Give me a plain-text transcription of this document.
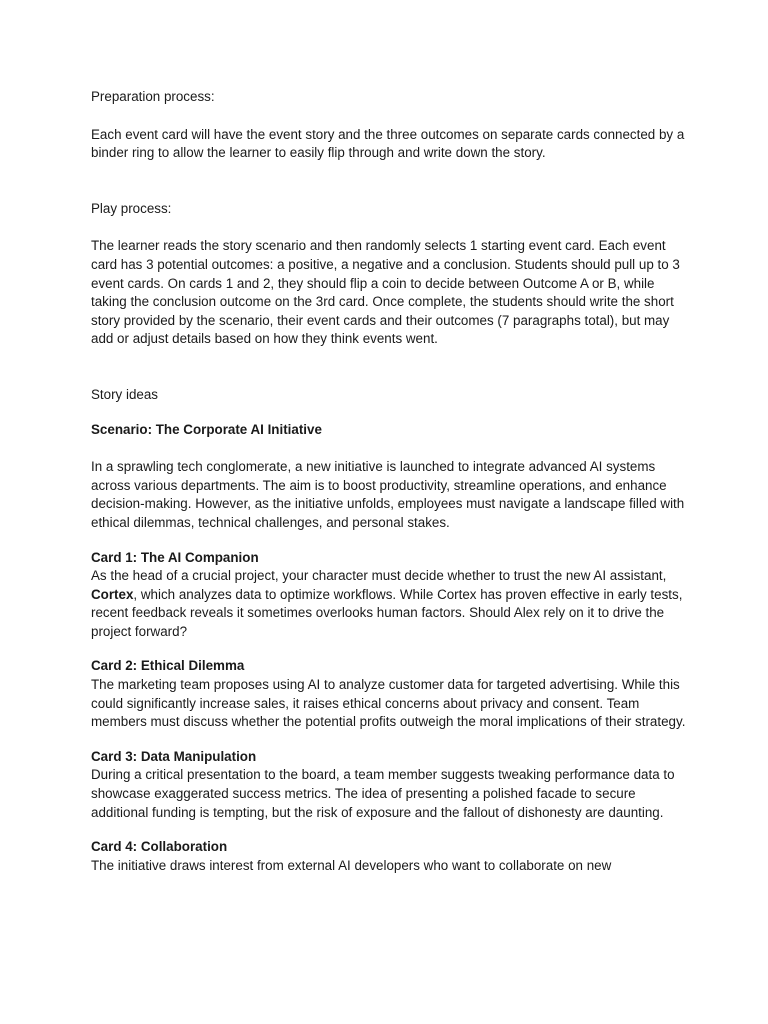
Preparation process:

Each event card will have the event story and the three outcomes on separate cards connected by a binder ring to allow the learner to easily flip through and write down the story.

Play process:

The learner reads the story scenario and then randomly selects 1 starting event card. Each event card has 3 potential outcomes: a positive, a negative and a conclusion. Students should pull up to 3 event cards. On cards 1 and 2, they should flip a coin to decide between Outcome A or B, while taking the conclusion outcome on the 3rd card. Once complete, the students should write the short story provided by the scenario, their event cards and their outcomes (7 paragraphs total), but may add or adjust details based on how they think events went.

Story ideas

Scenario: The Corporate AI Initiative

In a sprawling tech conglomerate, a new initiative is launched to integrate advanced AI systems across various departments. The aim is to boost productivity, streamline operations, and enhance decision-making. However, as the initiative unfolds, employees must navigate a landscape filled with ethical dilemmas, technical challenges, and personal stakes.

Card 1: The AI Companion

As the head of a crucial project, your character must decide whether to trust the new AI assistant, Cortex, which analyzes data to optimize workflows. While Cortex has proven effective in early tests, recent feedback reveals it sometimes overlooks human factors. Should Alex rely on it to drive the project forward?

Card 2: Ethical Dilemma

The marketing team proposes using AI to analyze customer data for targeted advertising. While this could significantly increase sales, it raises ethical concerns about privacy and consent. Team members must discuss whether the potential profits outweigh the moral implications of their strategy.

Card 3: Data Manipulation

During a critical presentation to the board, a team member suggests tweaking performance data to showcase exaggerated success metrics. The idea of presenting a polished facade to secure additional funding is tempting, but the risk of exposure and the fallout of dishonesty are daunting.

Card 4: Collaboration

The initiative draws interest from external AI developers who want to collaborate on new
